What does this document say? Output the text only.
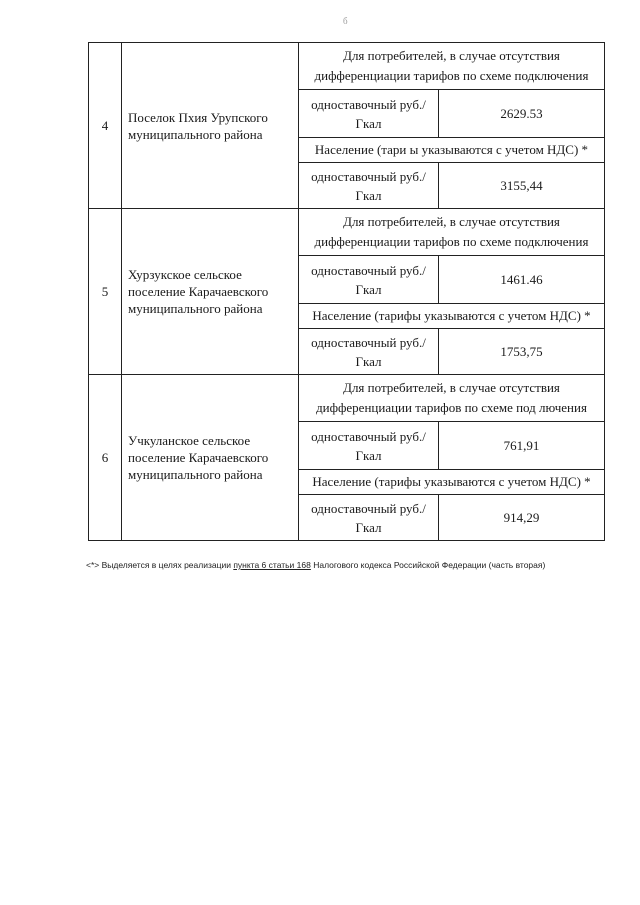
б
4	Поселок Пхия Урупского муниципального района	Для потребителей, в случае отсутствия дифференциации тарифов по схеме подключения	
		одноставочный руб./Гкал	2629.53
		Население (тари ы указываются с учетом НДС) *	
		одноставочный руб./Гкал	3155,44
5	Хурзукское сельское поселение Карачаевского муниципального района	Для потребителей, в случае отсутствия дифференциации тарифов по схеме подключения	
		одноставочный руб./Гкал	1461.46
		Население (тарифы указываются с учетом НДС) *	
		одноставочный руб./Гкал	1753,75
6	Учкуланское сельское поселение Карачаевского муниципального района	Для потребителей, в случае отсутствия дифференциации тарифов по схеме под лючения	
		одноставочный руб./Гкал	761,91
		Население (тарифы указываются с учетом НДС) *	
		одноставочный руб./Гкал	914,29
<*> Выделяется в целях реализации пункта 6 статьи 168 Налогового кодекса Российской Федерации (часть вторая)
